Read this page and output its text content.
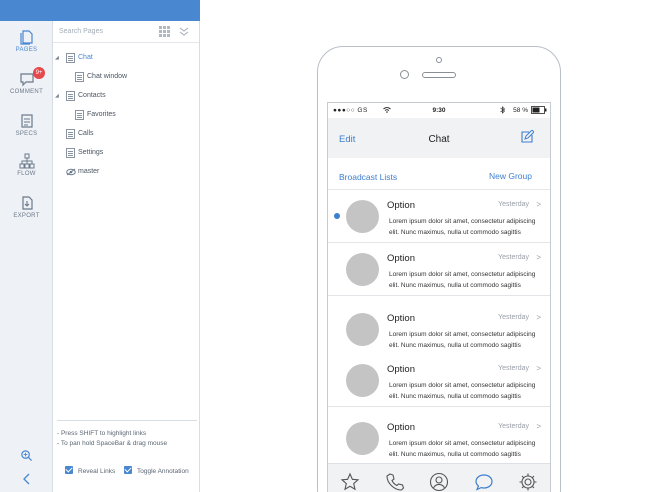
PAGES
9+
COMMENT
SPECS
FLOW
EXPORT
Search Pages
◢	Chat
Chat window
◢	Contacts
Favorites
Calls
Settings
master
- Press SHIFT to highlight links
- To pan hold SpaceBar & drag mouse
Reveal Links	Toggle Annotation
●●●○○ GS	9:30	58 %
Edit	Chat
Broadcast Lists	New Group
Option	Yesterday >
Lorem ipsum dolor sit amet, consectetur adipiscing elit. Nunc maximus, nulla ut commodo sagittis
Option	Yesterday >
Lorem ipsum dolor sit amet, consectetur adipiscing elit. Nunc maximus, nulla ut commodo sagittis
Option	Yesterday >
Lorem ipsum dolor sit amet, consectetur adipiscing elit. Nunc maximus, nulla ut commodo sagittis
Option	Yesterday >
Lorem ipsum dolor sit amet, consectetur adipiscing elit. Nunc maximus, nulla ut commodo sagittis
Option	Yesterday >
Lorem ipsum dolor sit amet, consectetur adipiscing elit. Nunc maximus, nulla ut commodo sagittis
